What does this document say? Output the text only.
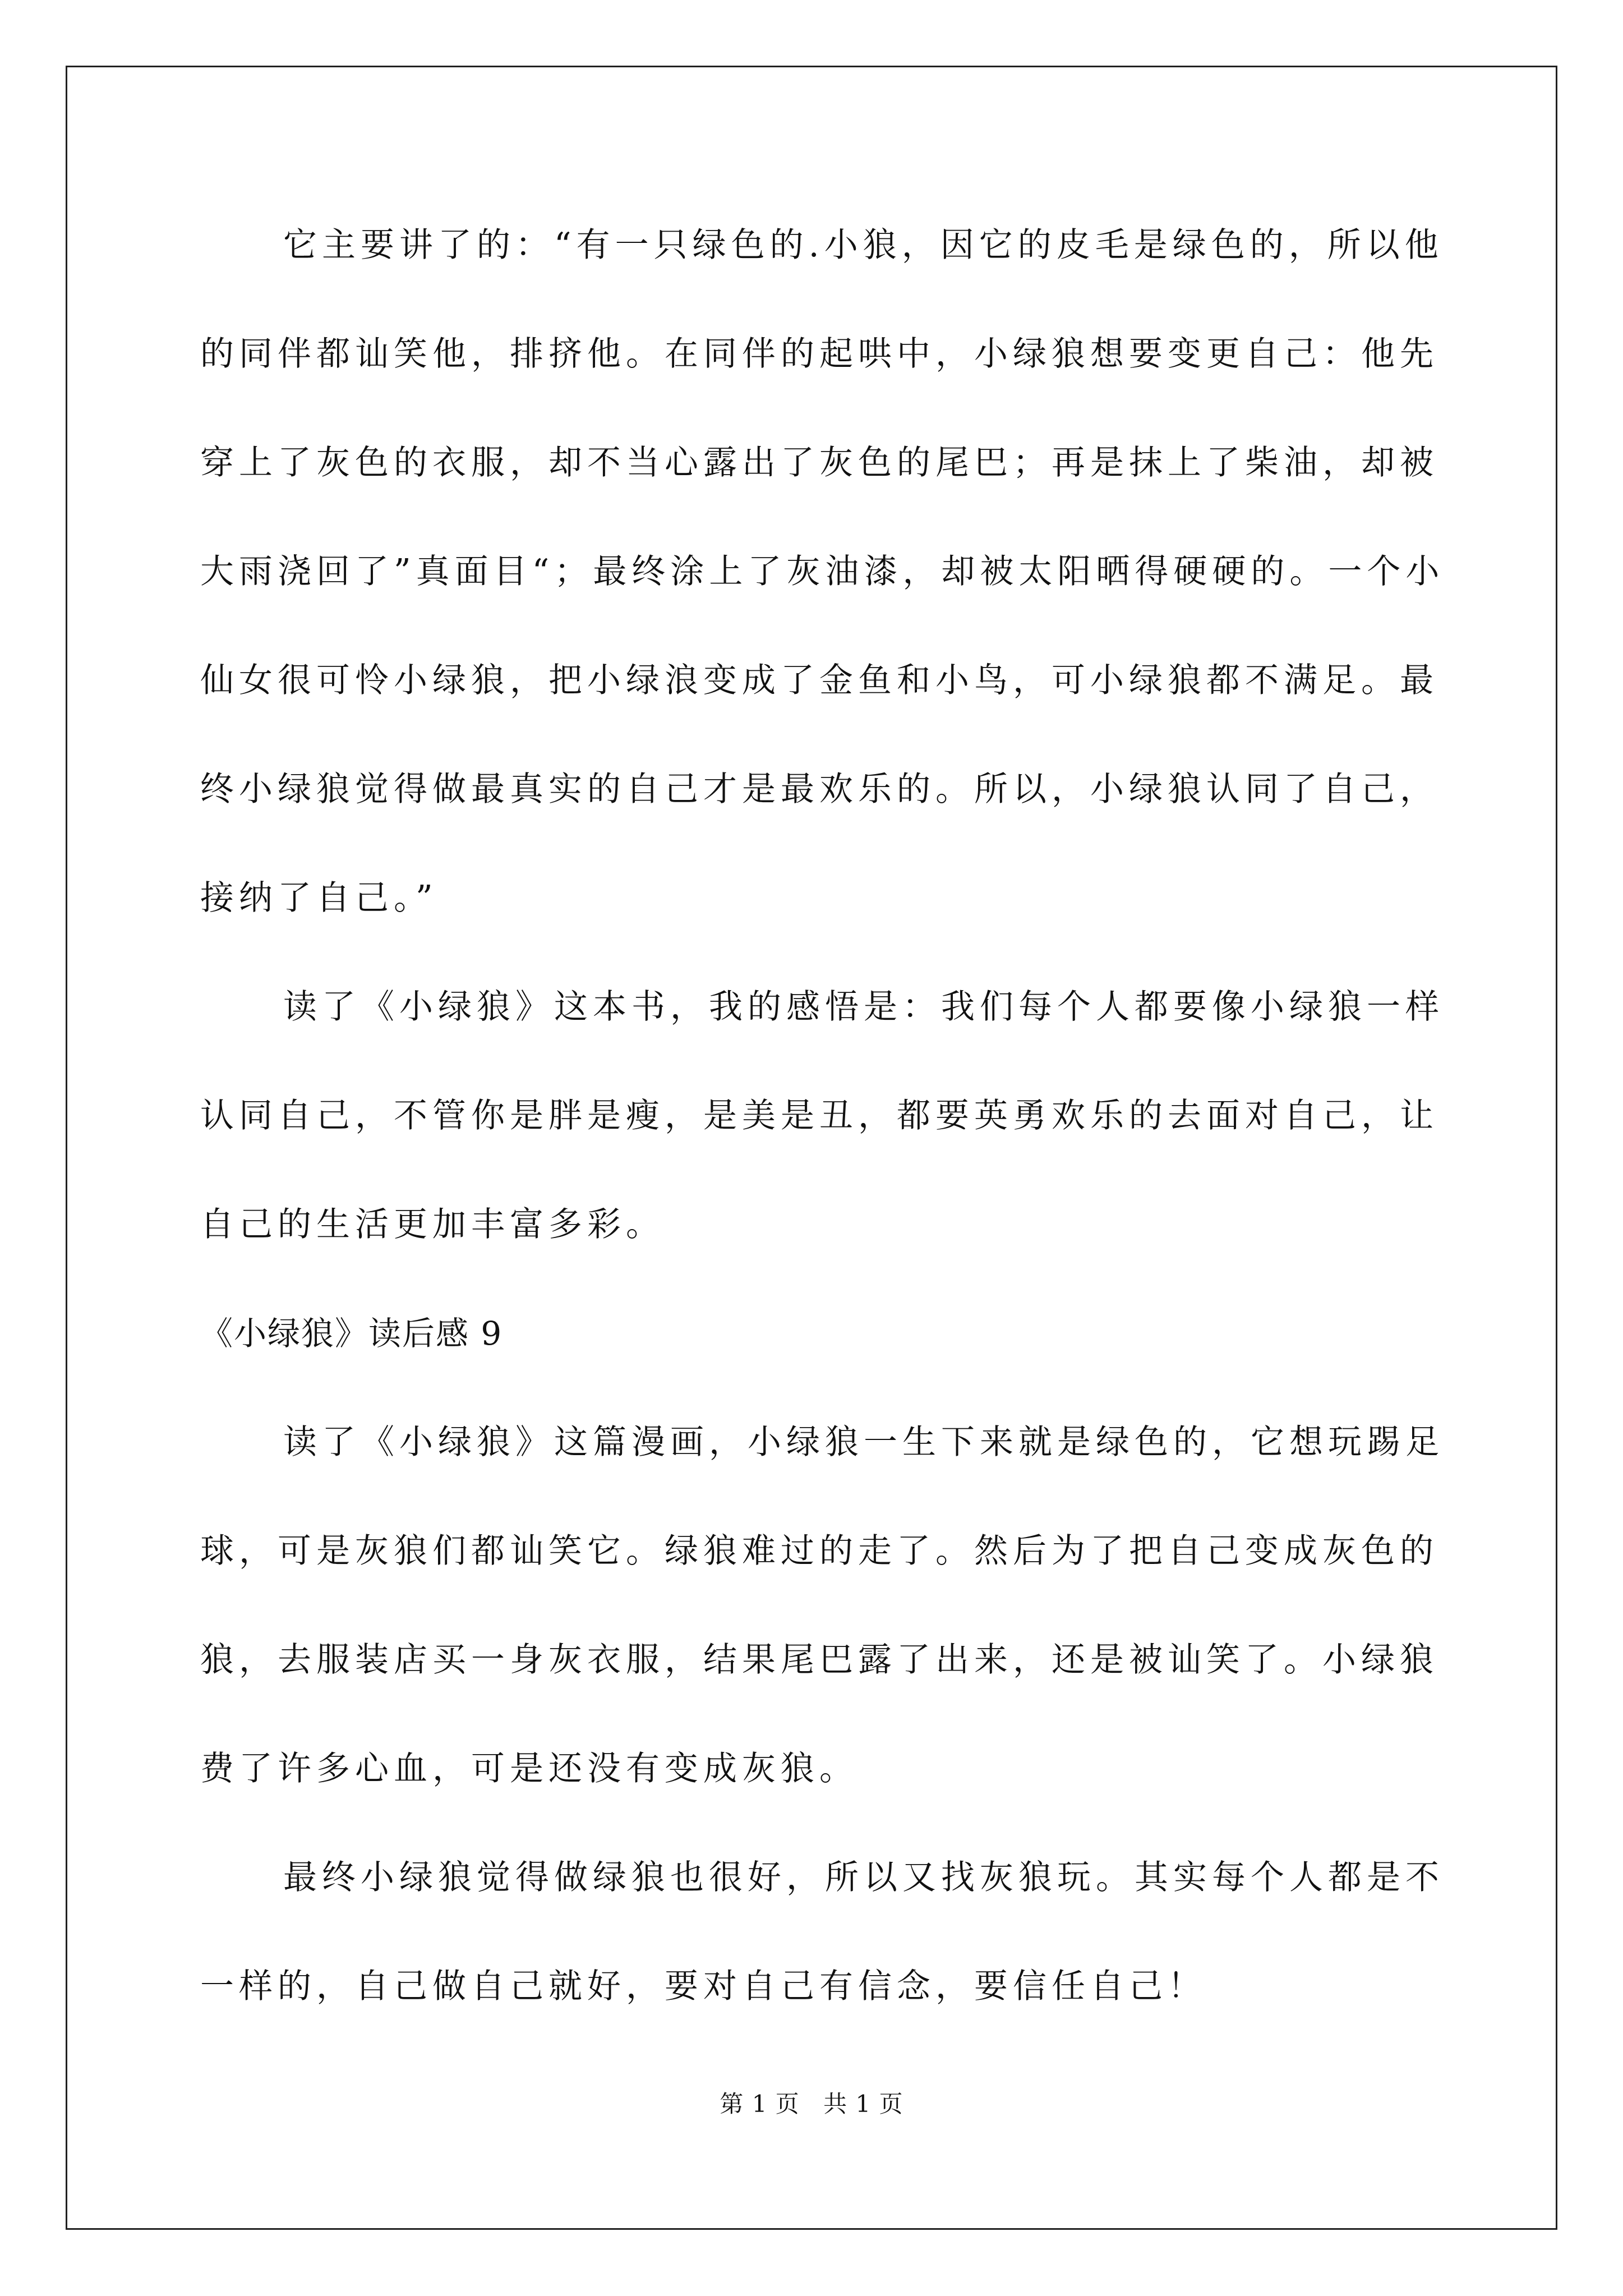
它主要讲了的：“有一只绿色的.小狼，因它的皮毛是绿色的，所以他的同伴都讪笑他，排挤他。在同伴的起哄中，小绿狼想要变更自己：他先穿上了灰色的衣服，却不当心露出了灰色的尾巴；再是抹上了柴油，却被大雨浇回了”真面目“；最终涂上了灰油漆，却被太阳晒得硬硬的。一个小仙女很可怜小绿狼，把小绿浪变成了金鱼和小鸟，可小绿狼都不满足。最终小绿狼觉得做最真实的自己才是最欢乐的。所以，小绿狼认同了自己，接纳了自己。”

读了《小绿狼》这本书，我的感悟是：我们每个人都要像小绿狼一样认同自己，不管你是胖是瘦，是美是丑，都要英勇欢乐的去面对自己，让自己的生活更加丰富多彩。

《小绿狼》读后感 9

读了《小绿狼》这篇漫画，小绿狼一生下来就是绿色的，它想玩踢足球，可是灰狼们都讪笑它。绿狼难过的走了。然后为了把自己变成灰色的狼，去服装店买一身灰衣服，结果尾巴露了出来，还是被讪笑了。小绿狼费了许多心血，可是还没有变成灰狼。

最终小绿狼觉得做绿狼也很好，所以又找灰狼玩。其实每个人都是不一样的，自己做自己就好，要对自己有信念，要信任自己！

第 1 页 共 1 页
